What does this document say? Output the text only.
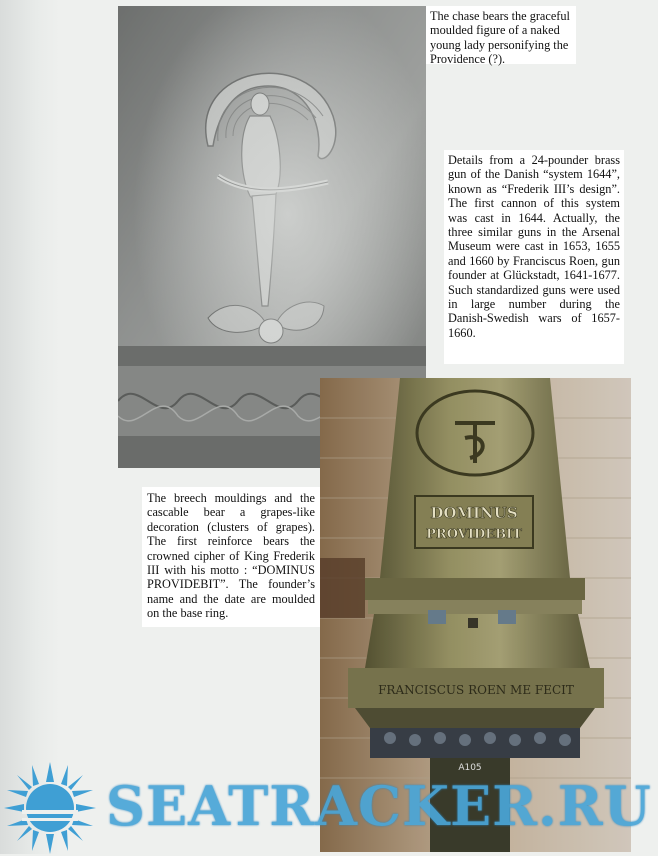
DOMINUS
PROVIDEBIT
FRANCISCUS ROEN ME FECIT
A105
The chase bears the graceful moulded figure of a naked young lady personifying the Providence (?).
Details from a 24-pounder brass gun of the Danish “system 1644”, known as “Frederik III’s design”. The first cannon of this system was cast in 1644. Actually, the three similar guns in the Arsenal Museum were cast in 1653, 1655 and 1660 by Franciscus Roen, gun founder at Glückstadt, 1641-1677. Such standardized guns were used in large number during the Danish-Swedish wars of 1657-1660.
The breech mouldings and the cascable bear a grapes-like decoration (clusters of grapes). The first reinforce bears the crowned cipher of King Frederik III with his motto : “DOMINUS PROVIDEBIT”. The founder’s name and the date are moulded on the base ring.
SEATRACKER.RU
